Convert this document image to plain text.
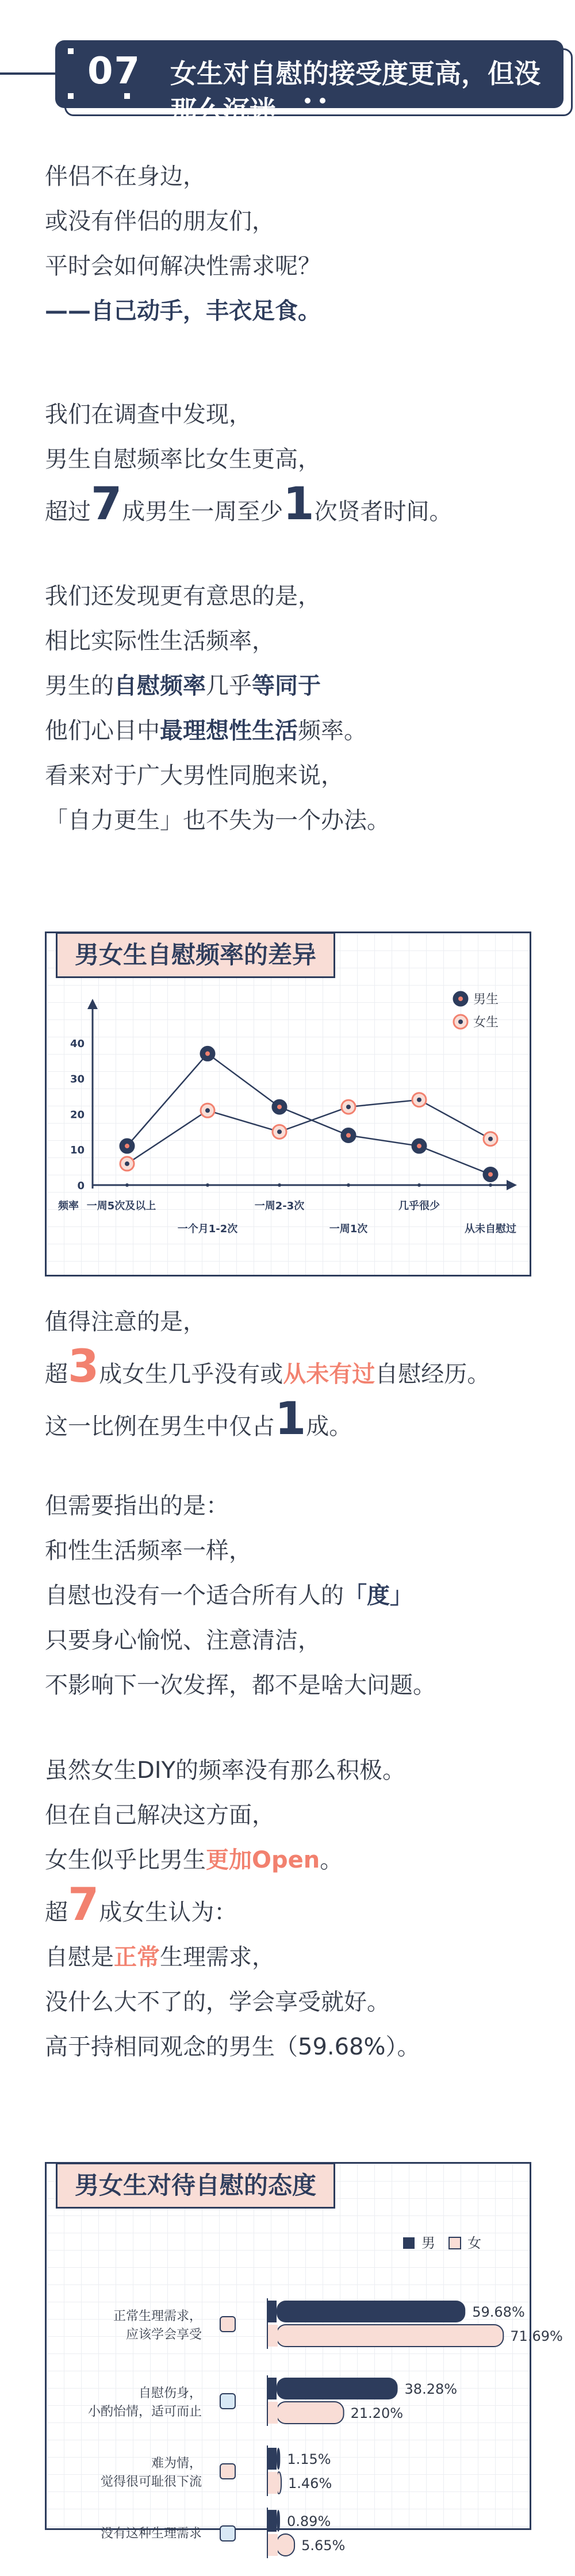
07 女生对自慰的接受度更高，但没那么沉迷
伴侣不在身边，
或没有伴侣的朋友们，
平时会如何解决性需求呢？
——自己动手，丰衣足食。
我们在调查中发现，
男生自慰频率比女生更高，
超过7成男生一周至少1次贤者时间。
我们还发现更有意思的是，
相比实际性生活频率，
男生的自慰频率几乎等同于
他们心目中最理想性生活频率。
看来对于广大男性同胞来说，
「自力更生」也不失为一个办法。
男女生自慰频率的差异
男生
女生
0
10
20
30
40
频率 一周5次及以上
一个月1-2次
一周2-3次
一周1次
几乎很少
从未自慰过
值得注意的是，
超3成女生几乎没有或从未有过自慰经历。
这一比例在男生中仅占1成。
但需要指出的是：
和性生活频率一样，
自慰也没有一个适合所有人的「度」
只要身心愉悦、注意清洁，
不影响下一次发挥，都不是啥大问题。
虽然女生DIY的频率没有那么积极。
但在自己解决这方面，
女生似乎比男生更加Open。
超7成女生认为：
自慰是正常生理需求，
没什么大不了的，学会享受就好。
高于持相同观念的男生（59.68%）。
男女生对待自慰的态度
男 女
正常生理需求，
应该学会享受
59.68%
71.69%
自慰伤身，
小酌怡情，适可而止
38.28%
21.20%
难为情，
觉得很可耻很下流
1.15%
1.46%
没有这种生理需求
0.89%
5.65%
